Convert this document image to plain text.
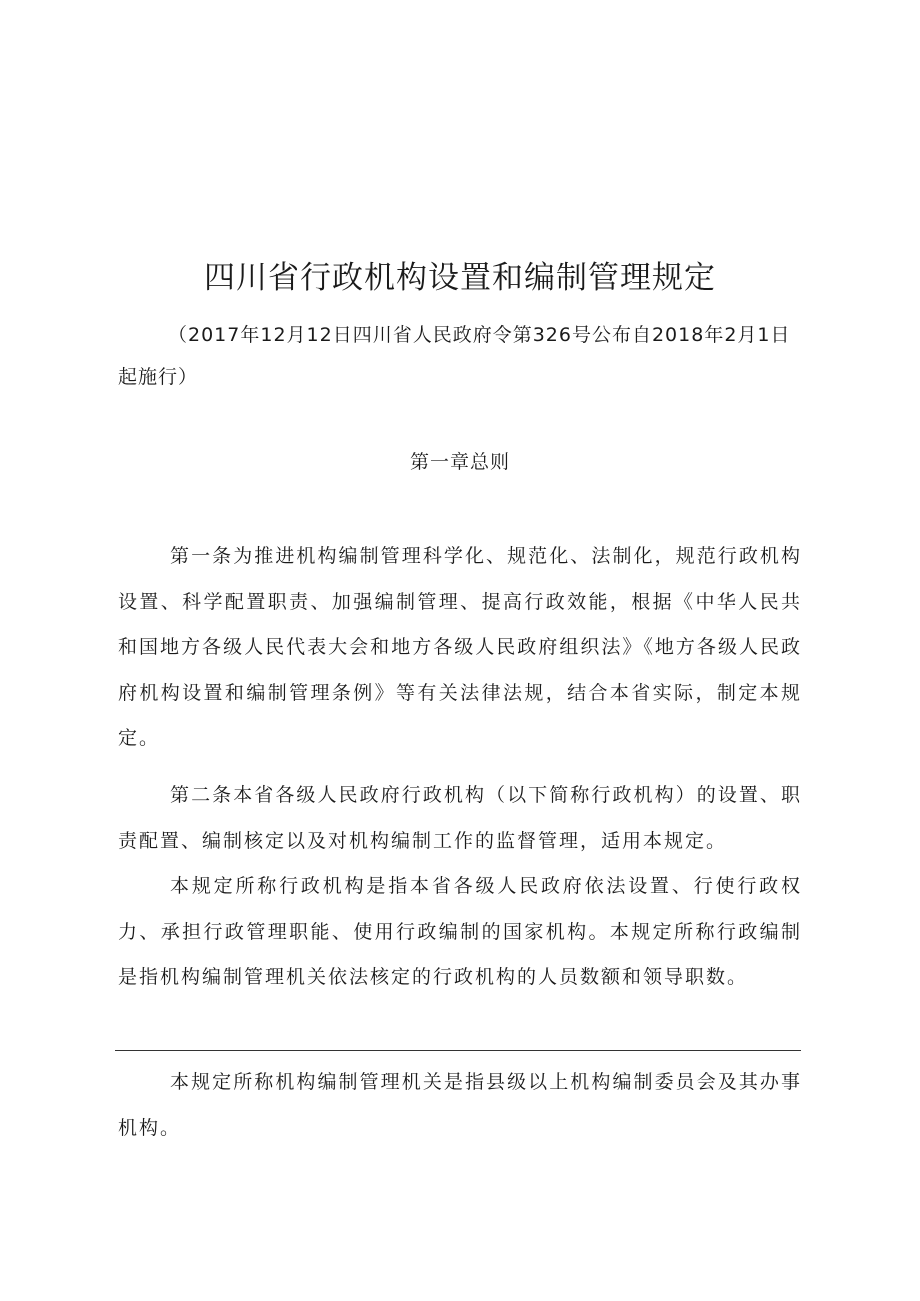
四川省行政机构设置和编制管理规定
（2017年12月12日四川省人民政府令第326号公布自2018年2月1日起施行）
第一章总则

第一条为推进机构编制管理科学化、规范化、法制化，规范行政机构设置、科学配置职责、加强编制管理、提高行政效能，根据《中华人民共和国地方各级人民代表大会和地方各级人民政府组织法》《地方各级人民政府机构设置和编制管理条例》等有关法律法规，结合本省实际，制定本规定。

第二条本省各级人民政府行政机构（以下简称行政机构）的设置、职责配置、编制核定以及对机构编制工作的监督管理，适用本规定。

本规定所称行政机构是指本省各级人民政府依法设置、行使行政权力、承担行政管理职能、使用行政编制的国家机构。本规定所称行政编制是指机构编制管理机关依法核定的行政机构的人员数额和领导职数。

本规定所称机构编制管理机关是指县级以上机构编制委员会及其办事机构。
